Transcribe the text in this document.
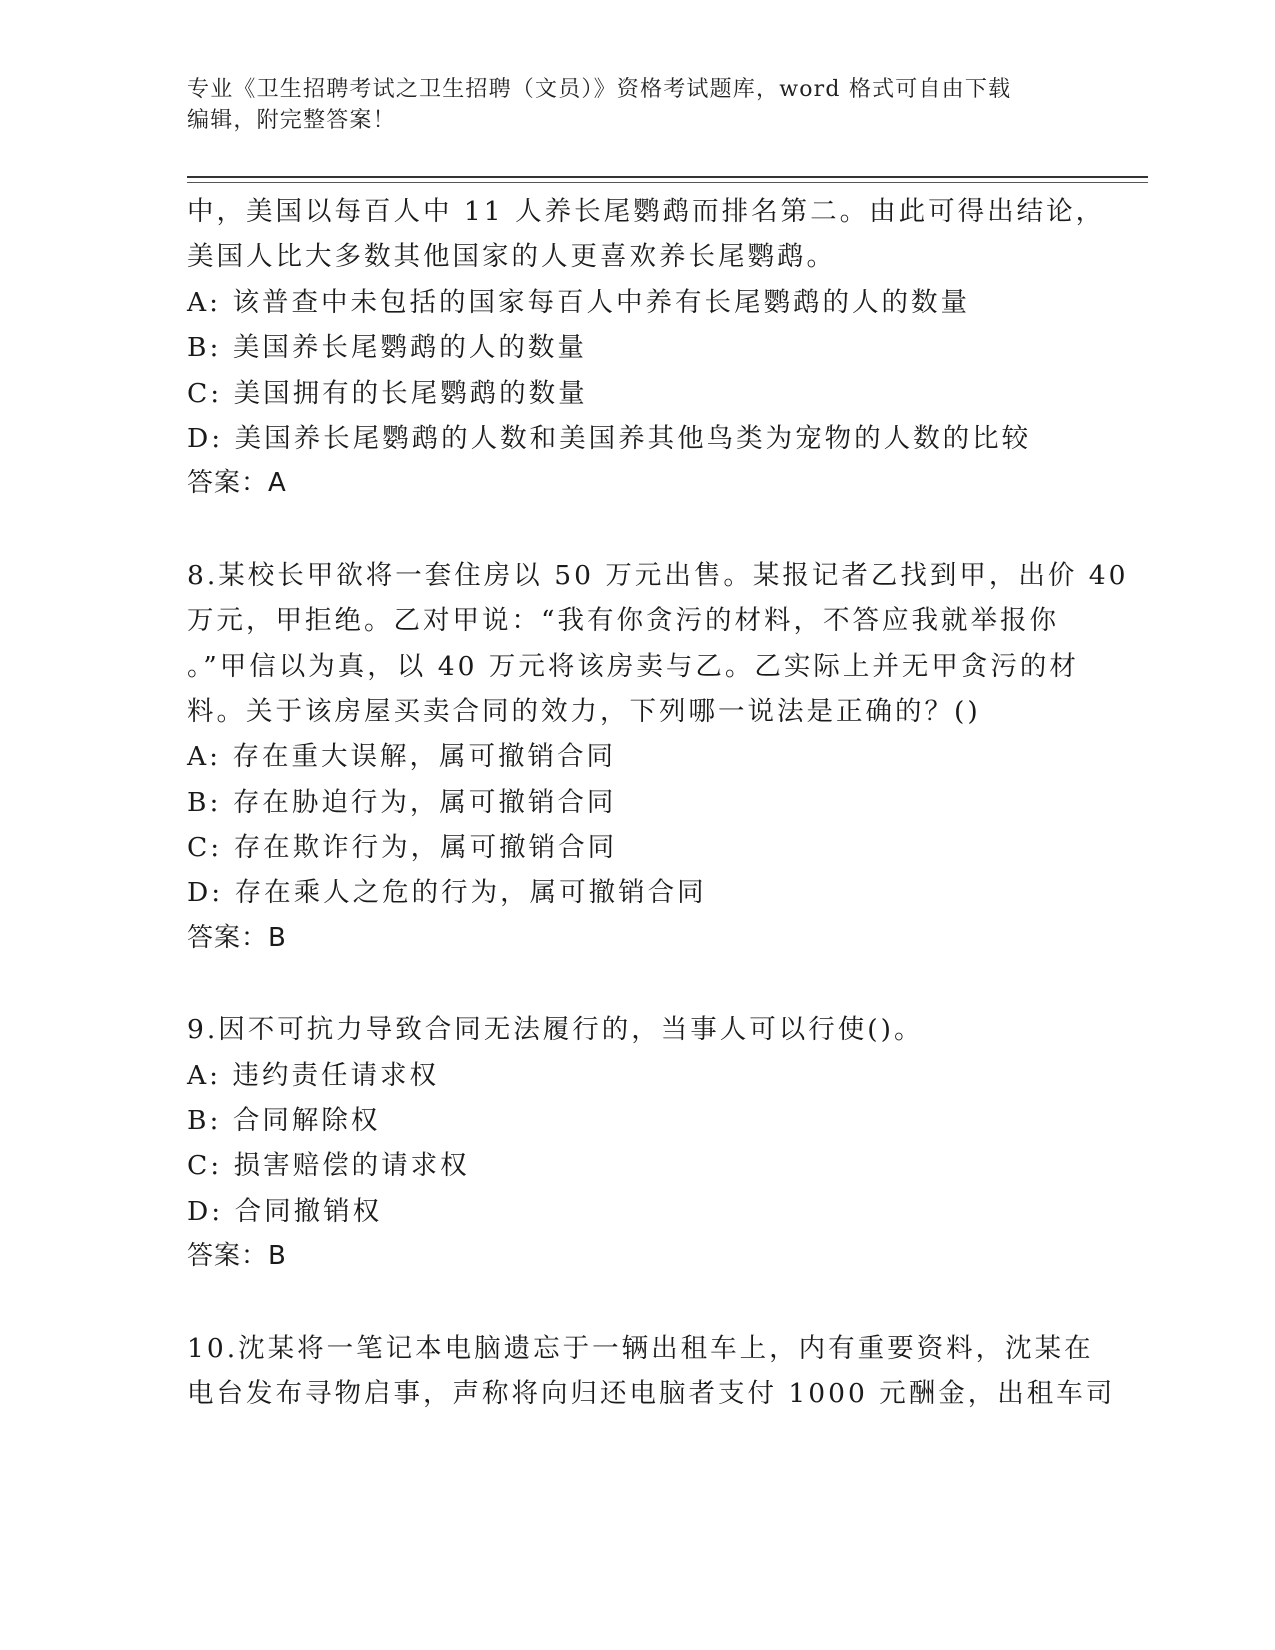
专业《卫生招聘考试之卫生招聘（文员）》资格考试题库，word 格式可自由下载
编辑，附完整答案！
中，美国以每百人中 11 人养长尾鹦鹉而排名第二。由此可得出结论，
美国人比大多数其他国家的人更喜欢养长尾鹦鹉。
A: 该普查中未包括的国家每百人中养有长尾鹦鹉的人的数量
B: 美国养长尾鹦鹉的人的数量
C: 美国拥有的长尾鹦鹉的数量
D: 美国养长尾鹦鹉的人数和美国养其他鸟类为宠物的人数的比较
答案：A
8.某校长甲欲将一套住房以 50 万元出售。某报记者乙找到甲，出价 40
万元，甲拒绝。乙对甲说：“我有你贪污的材料，不答应我就举报你
。”甲信以为真，以 40 万元将该房卖与乙。乙实际上并无甲贪污的材
料。关于该房屋买卖合同的效力，下列哪一说法是正确的？()
A: 存在重大误解，属可撤销合同
B: 存在胁迫行为，属可撤销合同
C: 存在欺诈行为，属可撤销合同
D: 存在乘人之危的行为，属可撤销合同
答案：B
9.因不可抗力导致合同无法履行的，当事人可以行使()。
A: 违约责任请求权
B: 合同解除权
C: 损害赔偿的请求权
D: 合同撤销权
答案：B
10.沈某将一笔记本电脑遗忘于一辆出租车上，内有重要资料，沈某在
电台发布寻物启事，声称将向归还电脑者支付 1000 元酬金，出租车司
